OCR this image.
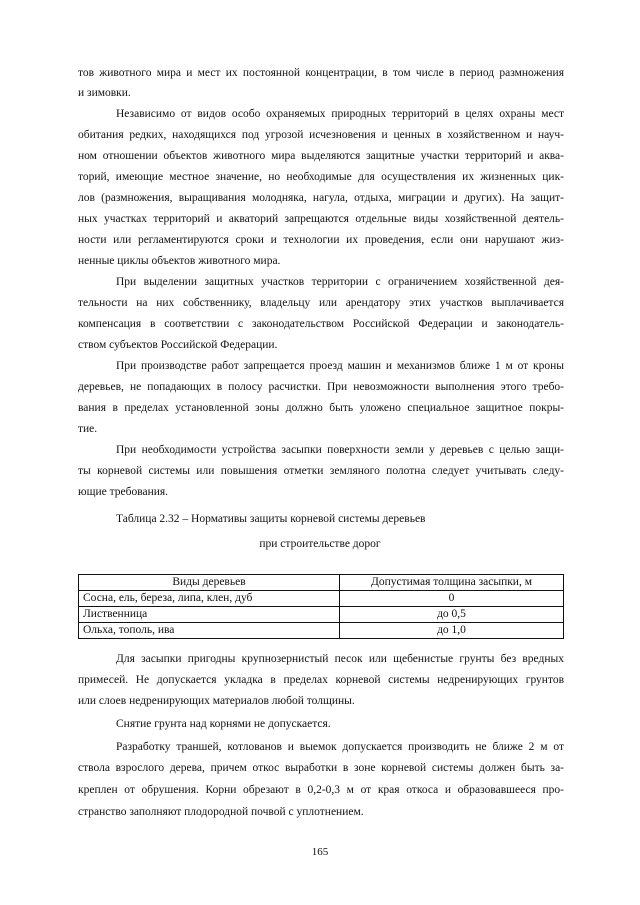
тов животного мира и мест их постоянной концентрации, в том числе в период размножения
и зимовки.
Независимо от видов особо охраняемых природных территорий в целях охраны мест
обитания редких, находящихся под угрозой исчезновения и ценных в хозяйственном и науч-
ном отношении объектов животного мира выделяются защитные участки территорий и аква-
торий, имеющие местное значение, но необходимые для осуществления их жизненных цик-
лов (размножения, выращивания молодняка, нагула, отдыха, миграции и других). На защит-
ных участках территорий и акваторий запрещаются отдельные виды хозяйственной деятель-
ности или регламентируются сроки и технологии их проведения, если они нарушают жиз-
ненные циклы объектов животного мира.
При выделении защитных участков территории с ограничением хозяйственной дея-
тельности на них собственнику, владельцу или арендатору этих участков выплачивается
компенсация в соответствии с законодательством Российской Федерации и законодатель-
ством субъектов Российской Федерации.
При производстве работ запрещается проезд машин и механизмов ближе 1 м от кроны
деревьев, не попадающих в полосу расчистки. При невозможности выполнения этого требо-
вания в пределах установленной зоны должно быть уложено специальное защитное покры-
тие.
При необходимости устройства засыпки поверхности земли у деревьев с целью защи-
ты корневой системы или повышения отметки земляного полотна следует учитывать следу-
ющие требования.
Таблица 2.32 – Нормативы защиты корневой системы деревьев
при строительстве дорог
Виды деревьев	Допустимая толщина засыпки, м
Сосна, ель, береза, липа, клен, дуб	0
Лиственница	до 0,5
Ольха, тополь, ива	до 1,0
Для засыпки пригодны крупнозернистый песок или щебенистые грунты без вредных
примесей. Не допускается укладка в пределах корневой системы недренирующих грунтов
или слоев недренирующих материалов любой толщины.
Снятие грунта над корнями не допускается.
Разработку траншей, котлованов и выемок допускается производить не ближе 2 м от
ствола взрослого дерева, причем откос выработки в зоне корневой системы должен быть за-
креплен от обрушения. Корни обрезают в 0,2-0,3 м от края откоса и образовавшееся про-
странство заполняют плодородной почвой с уплотнением.
165
